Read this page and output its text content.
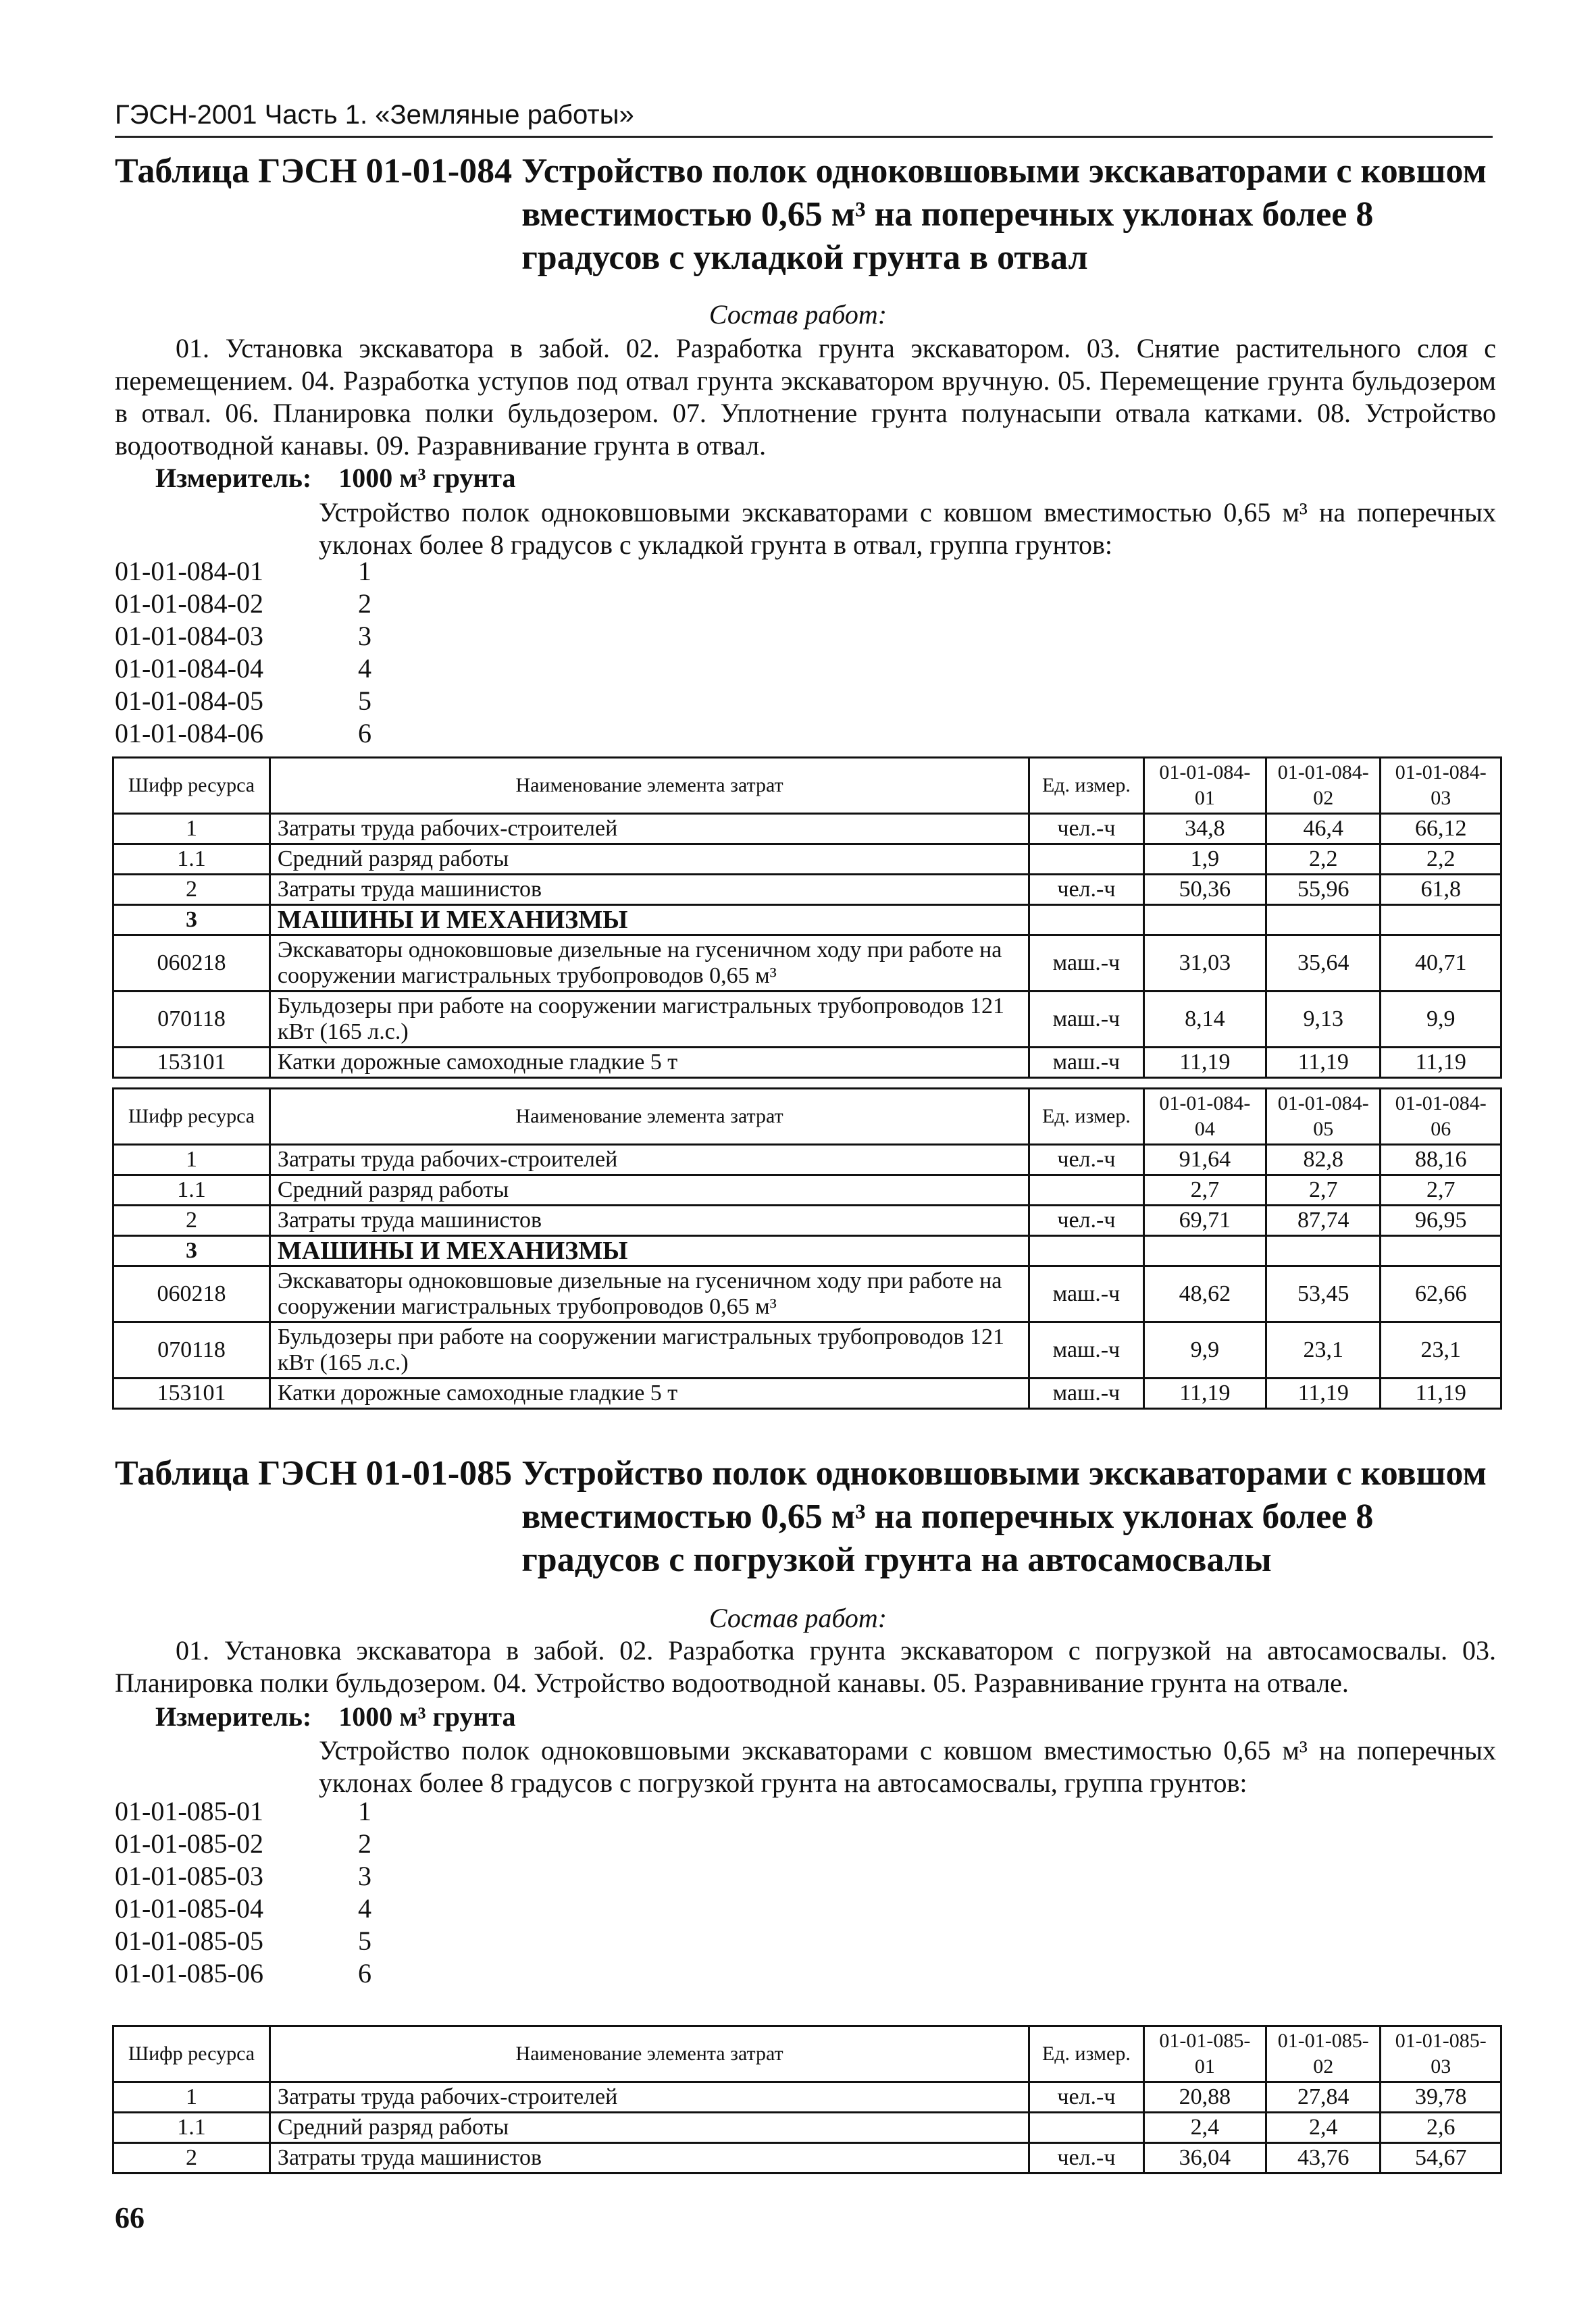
ГЭСН-2001 Часть 1. «Земляные работы»
Таблица ГЭСН 01-01-084 Устройство полок одноковшовыми экскаваторами с ковшом вместимостью 0,65 м³ на поперечных уклонах более 8 градусов с укладкой грунта в отвал
Состав работ:
01. Установка экскаватора в забой. 02. Разработка грунта экскаватором. 03. Снятие растительного слоя с перемещением. 04. Разработка уступов под отвал грунта экскаватором вручную. 05. Перемещение грунта бульдозером в отвал. 06. Планировка полки бульдозером. 07. Уплотнение грунта полунасыпи отвала катками. 08. Устройство водоотводной канавы. 09. Разравнивание грунта в отвал.
Измеритель: 1000 м³ грунта
Устройство полок одноковшовыми экскаваторами с ковшом вместимостью 0,65 м³ на поперечных уклонах более 8 градусов с укладкой грунта в отвал, группа грунтов:
01-01-084-01	1
01-01-084-02	2
01-01-084-03	3
01-01-084-04	4
01-01-084-05	5
01-01-084-06	6
Шифр ресурса	Наименование элемента затрат	Ед. измер.	01-01-084-01	01-01-084-02	01-01-084-03
1	Затраты труда рабочих-строителей	чел.-ч	34,8	46,4	66,12
1.1	Средний разряд работы		1,9	2,2	2,2
2	Затраты труда машинистов	чел.-ч	50,36	55,96	61,8
3	МАШИНЫ И МЕХАНИЗМЫ				
060218	Экскаваторы одноковшовые дизельные на гусеничном ходу при работе на сооружении магистральных трубопроводов 0,65 м³	маш.-ч	31,03	35,64	40,71
070118	Бульдозеры при работе на сооружении магистральных трубопроводов 121 кВт (165 л.с.)	маш.-ч	8,14	9,13	9,9
153101	Катки дорожные самоходные гладкие 5 т	маш.-ч	11,19	11,19	11,19
Шифр ресурса	Наименование элемента затрат	Ед. измер.	01-01-084-04	01-01-084-05	01-01-084-06
1	Затраты труда рабочих-строителей	чел.-ч	91,64	82,8	88,16
1.1	Средний разряд работы		2,7	2,7	2,7
2	Затраты труда машинистов	чел.-ч	69,71	87,74	96,95
3	МАШИНЫ И МЕХАНИЗМЫ				
060218	Экскаваторы одноковшовые дизельные на гусеничном ходу при работе на сооружении магистральных трубопроводов 0,65 м³	маш.-ч	48,62	53,45	62,66
070118	Бульдозеры при работе на сооружении магистральных трубопроводов 121 кВт (165 л.с.)	маш.-ч	9,9	23,1	23,1
153101	Катки дорожные самоходные гладкие 5 т	маш.-ч	11,19	11,19	11,19
Таблица ГЭСН 01-01-085 Устройство полок одноковшовыми экскаваторами с ковшом вместимостью 0,65 м³ на поперечных уклонах более 8 градусов с погрузкой грунта на автосамосвалы
Состав работ:
01. Установка экскаватора в забой. 02. Разработка грунта экскаватором с погрузкой на автосамосвалы. 03. Планировка полки бульдозером. 04. Устройство водоотводной канавы. 05. Разравнивание грунта на отвале.
Измеритель: 1000 м³ грунта
Устройство полок одноковшовыми экскаваторами с ковшом вместимостью 0,65 м³ на поперечных уклонах более 8 градусов с погрузкой грунта на автосамосвалы, группа грунтов:
01-01-085-01	1
01-01-085-02	2
01-01-085-03	3
01-01-085-04	4
01-01-085-05	5
01-01-085-06	6
Шифр ресурса	Наименование элемента затрат	Ед. измер.	01-01-085-01	01-01-085-02	01-01-085-03
1	Затраты труда рабочих-строителей	чел.-ч	20,88	27,84	39,78
1.1	Средний разряд работы		2,4	2,4	2,6
2	Затраты труда машинистов	чел.-ч	36,04	43,76	54,67
66
